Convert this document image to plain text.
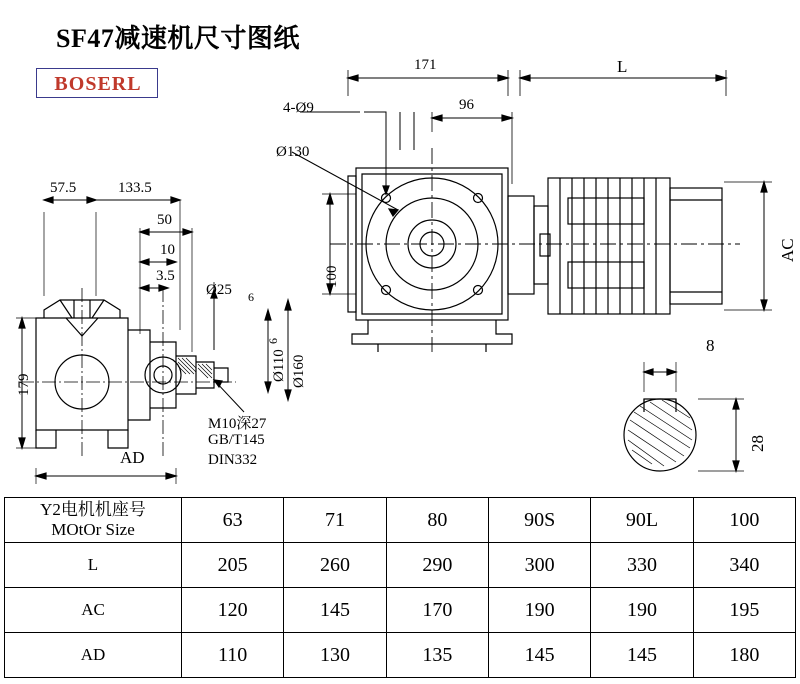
SF47减速机尺寸图纸
BOSERL
171	L
96
4-Ø9
Ø130
100
AC
Ø160
Ø110
6
Ø25 6
57.5	133.5
50
10
3.5
179
AD
M10深27
GB/T145
DIN332
8
28
Y2电机机座号
MOtOr Size	63	71	80	90S	90L	100
L	205	260	290	300	330	340
AC	120	145	170	190	190	195
AD	110	130	135	145	145	180
